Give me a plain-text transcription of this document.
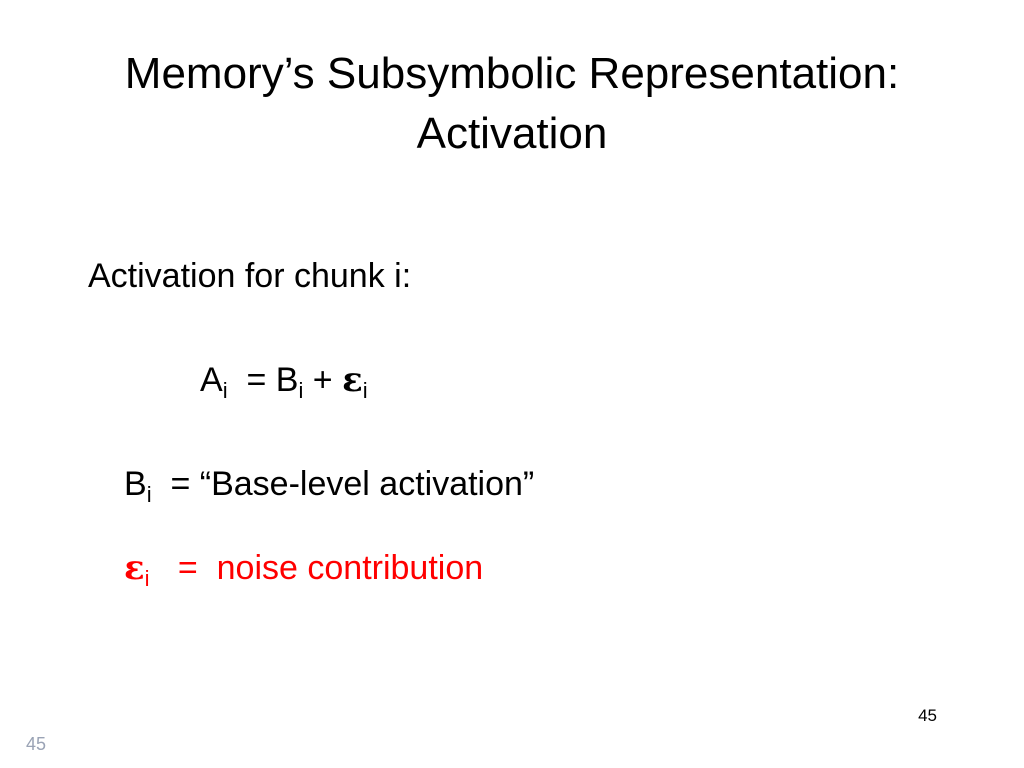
Memory’s Subsymbolic Representation:
Activation
Activation for chunk i:
$A_i = B_i + \varepsilon_i$
$B_i$  = “Base-level activation”
$\varepsilon_i$   =  noise contribution
45
45
